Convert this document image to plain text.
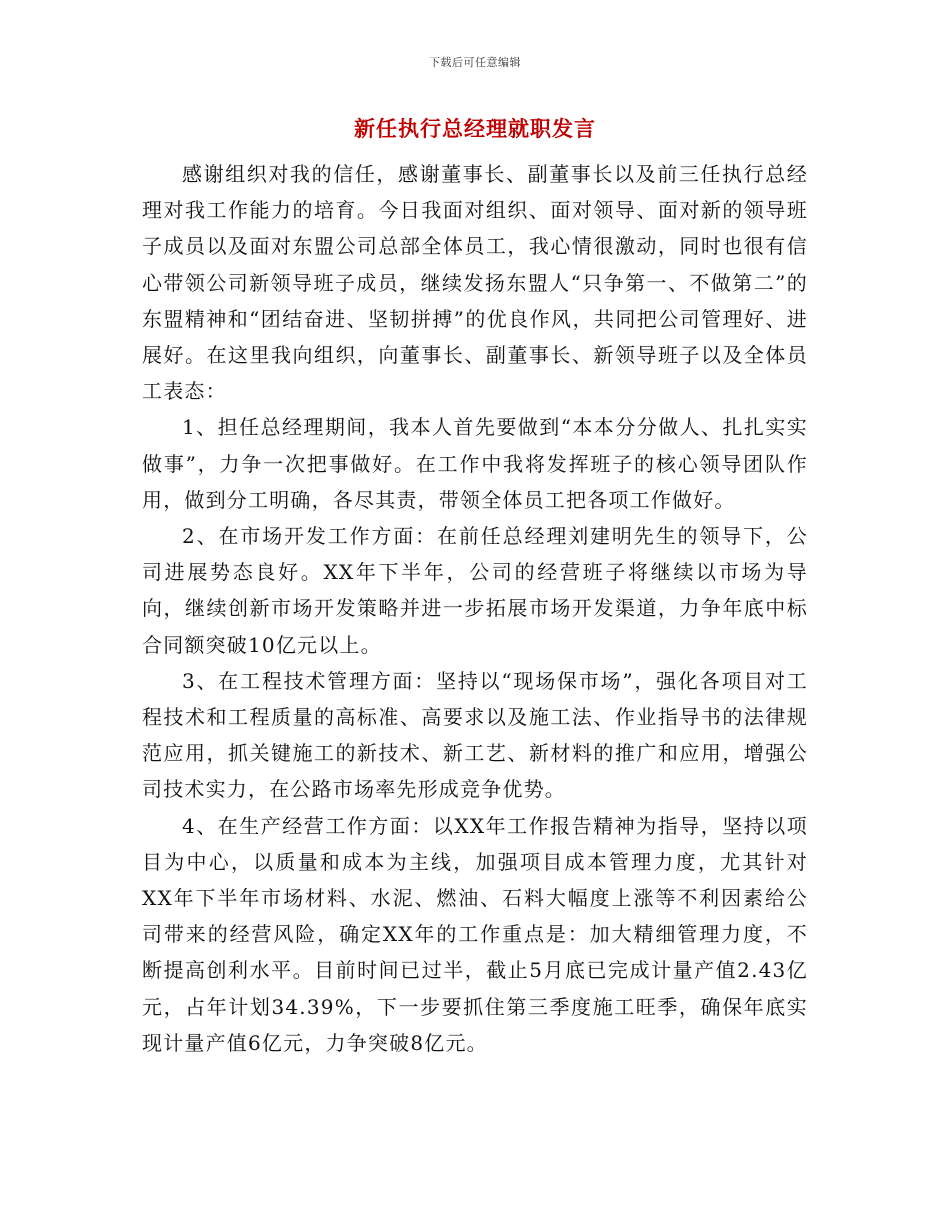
下载后可任意编辑
新任执行总经理就职发言

感谢组织对我的信任，感谢董事长、副董事长以及前三任执行总经理对我工作能力的培育。今日我面对组织、面对领导、面对新的领导班子成员以及面对东盟公司总部全体员工，我心情很激动，同时也很有信心带领公司新领导班子成员，继续发扬东盟人“只争第一、不做第二”的东盟精神和“团结奋进、坚韧拼搏”的优良作风，共同把公司管理好、进展好。在这里我向组织，向董事长、副董事长、新领导班子以及全体员工表态：

1、担任总经理期间，我本人首先要做到“本本分分做人、扎扎实实做事”，力争一次把事做好。在工作中我将发挥班子的核心领导团队作用，做到分工明确，各尽其责，带领全体员工把各项工作做好。

2、在市场开发工作方面：在前任总经理刘建明先生的领导下，公司进展势态良好。XX年下半年，公司的经营班子将继续以市场为导向，继续创新市场开发策略并进一步拓展市场开发渠道，力争年底中标合同额突破10亿元以上。

3、在工程技术管理方面：坚持以“现场保市场”，强化各项目对工程技术和工程质量的高标准、高要求以及施工法、作业指导书的法律规范应用，抓关键施工的新技术、新工艺、新材料的推广和应用，增强公司技术实力，在公路市场率先形成竞争优势。

4、在生产经营工作方面：以XX年工作报告精神为指导，坚持以项目为中心，以质量和成本为主线，加强项目成本管理力度，尤其针对XX年下半年市场材料、水泥、燃油、石料大幅度上涨等不利因素给公司带来的经营风险，确定XX年的工作重点是：加大精细管理力度，不断提高创利水平。目前时间已过半，截止5月底已完成计量产值2.43亿元，占年计划34.39%，下一步要抓住第三季度施工旺季，确保年底实现计量产值6亿元，力争突破8亿元。
